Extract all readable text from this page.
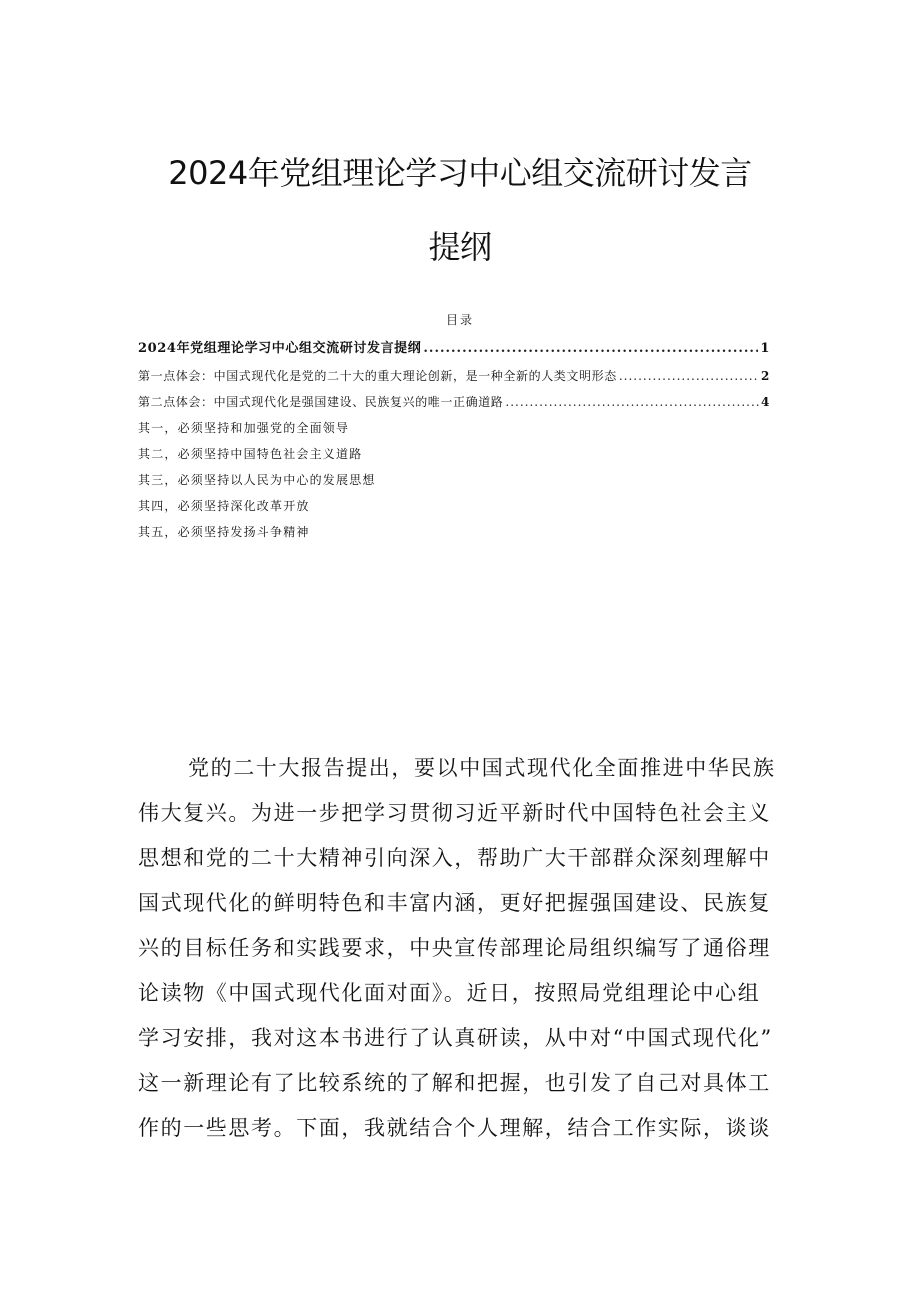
2024年党组理论学习中心组交流研讨发言
提纲
目录
2024年党组理论学习中心组交流研讨发言提纲 .....	1
第一点体会：中国式现代化是党的二十大的重大理论创新，是一种全新的人类文明形态 .....	2
第二点体会：中国式现代化是强国建设、民族复兴的唯一正确道路 .....	4
其一，必须坚持和加强党的全面领导
其二，必须坚持中国特色社会主义道路
其三，必须坚持以人民为中心的发展思想
其四，必须坚持深化改革开放
其五，必须坚持发扬斗争精神
党的二十大报告提出，要以中国式现代化全面推进中华民族
伟大复兴。为进一步把学习贯彻习近平新时代中国特色社会主义
思想和党的二十大精神引向深入，帮助广大干部群众深刻理解中
国式现代化的鲜明特色和丰富内涵，更好把握强国建设、民族复
兴的目标任务和实践要求，中央宣传部理论局组织编写了通俗理
论读物《中国式现代化面对面》。近日，按照局党组理论中心组
学习安排，我对这本书进行了认真研读，从中对“中国式现代化”
这一新理论有了比较系统的了解和把握，也引发了自己对具体工
作的一些思考。下面，我就结合个人理解，结合工作实际，谈谈
